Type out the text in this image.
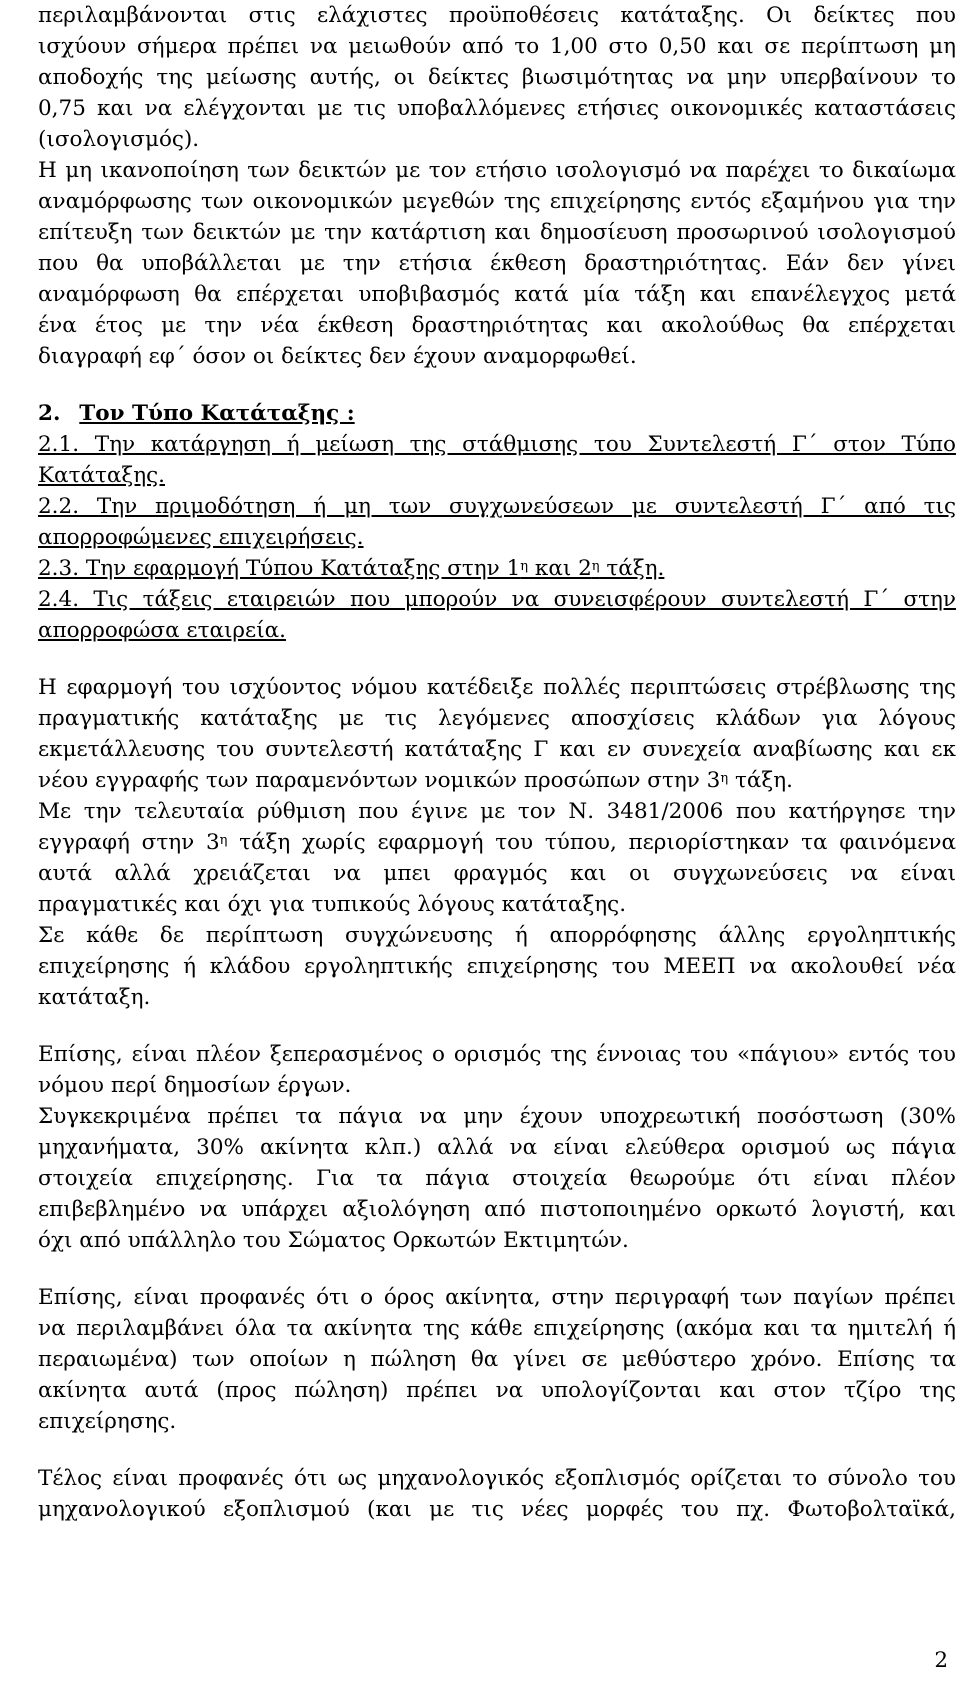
περιλαμβάνονται στις ελάχιστες προϋποθέσεις κατάταξης. Οι δείκτες που
ισχύουν σήμερα πρέπει να μειωθούν από το 1,00 στο 0,50 και σε περίπτωση μη
αποδοχής της μείωσης αυτής, οι δείκτες βιωσιμότητας να μην υπερβαίνουν το
0,75 και να ελέγχονται με τις υποβαλλόμενες ετήσιες οικονομικές καταστάσεις
(ισολογισμός).
Η μη ικανοποίηση των δεικτών με τον ετήσιο ισολογισμό να παρέχει το δικαίωμα
αναμόρφωσης των οικονομικών μεγεθών της επιχείρησης εντός εξαμήνου για την
επίτευξη των δεικτών με την κατάρτιση και δημοσίευση προσωρινού ισολογισμού
που θα υποβάλλεται με την ετήσια έκθεση δραστηριότητας. Εάν δεν γίνει
αναμόρφωση θα επέρχεται υποβιβασμός κατά μία τάξη και επανέλεγχος μετά
ένα έτος με την νέα έκθεση δραστηριότητας και ακολούθως θα επέρχεται
διαγραφή εφ΄ όσον οι δείκτες δεν έχουν αναμορφωθεί.
2. Τον Τύπο Κατάταξης :
2.1. Την κατάργηση ή μείωση της στάθμισης του Συντελεστή Γ΄ στον Τύπο
Κατάταξης.
2.2. Την πριμοδότηση ή μη των συγχωνεύσεων με συντελεστή Γ΄ από τις
απορροφώμενες επιχειρήσεις.
2.3. Την εφαρμογή Τύπου Κατάταξης στην $1^\eta$ και $2^\eta$ τάξη.
2.4. Τις τάξεις εταιρειών που μπορούν να συνεισφέρουν συντελεστή Γ΄ στην
απορροφώσα εταιρεία.
Η εφαρμογή του ισχύοντος νόμου κατέδειξε πολλές περιπτώσεις στρέβλωσης της
πραγματικής κατάταξης με τις λεγόμενες αποσχίσεις κλάδων για λόγους
εκμετάλλευσης του συντελεστή κατάταξης Γ και εν συνεχεία αναβίωσης και εκ
νέου εγγραφής των παραμενόντων νομικών προσώπων στην $3^\eta$ τάξη.
Με την τελευταία ρύθμιση που έγινε με τον Ν. 3481/2006 που κατήργησε την
εγγραφή στην $3^\eta$ τάξη χωρίς εφαρμογή του τύπου, περιορίστηκαν τα φαινόμενα
αυτά αλλά χρειάζεται να μπει φραγμός και οι συγχωνεύσεις να είναι
πραγματικές και όχι για τυπικούς λόγους κατάταξης.
Σε κάθε δε περίπτωση συγχώνευσης ή απορρόφησης άλλης εργοληπτικής
επιχείρησης ή κλάδου εργοληπτικής επιχείρησης του ΜΕΕΠ να ακολουθεί νέα
κατάταξη.
Επίσης, είναι πλέον ξεπερασμένος ο ορισμός της έννοιας του «πάγιου» εντός του
νόμου περί δημοσίων έργων.
Συγκεκριμένα πρέπει τα πάγια να μην έχουν υποχρεωτική ποσόστωση (30%
μηχανήματα, 30% ακίνητα κλπ.) αλλά να είναι ελεύθερα ορισμού ως πάγια
στοιχεία επιχείρησης. Για τα πάγια στοιχεία θεωρούμε ότι είναι πλέον
επιβεβλημένο να υπάρχει αξιολόγηση από πιστοποιημένο ορκωτό λογιστή, και
όχι από υπάλληλο του Σώματος Ορκωτών Εκτιμητών.
Επίσης, είναι προφανές ότι ο όρος ακίνητα, στην περιγραφή των παγίων πρέπει
να περιλαμβάνει όλα τα ακίνητα της κάθε επιχείρησης (ακόμα και τα ημιτελή ή
περαιωμένα) των οποίων η πώληση θα γίνει σε μεθύστερο χρόνο. Επίσης τα
ακίνητα αυτά (προς πώληση) πρέπει να υπολογίζονται και στον τζίρο της
επιχείρησης.
Τέλος είναι προφανές ότι ως μηχανολογικός εξοπλισμός ορίζεται το σύνολο του
μηχανολογικού εξοπλισμού (και με τις νέες μορφές του πχ. Φωτοβολταϊκά,
2
